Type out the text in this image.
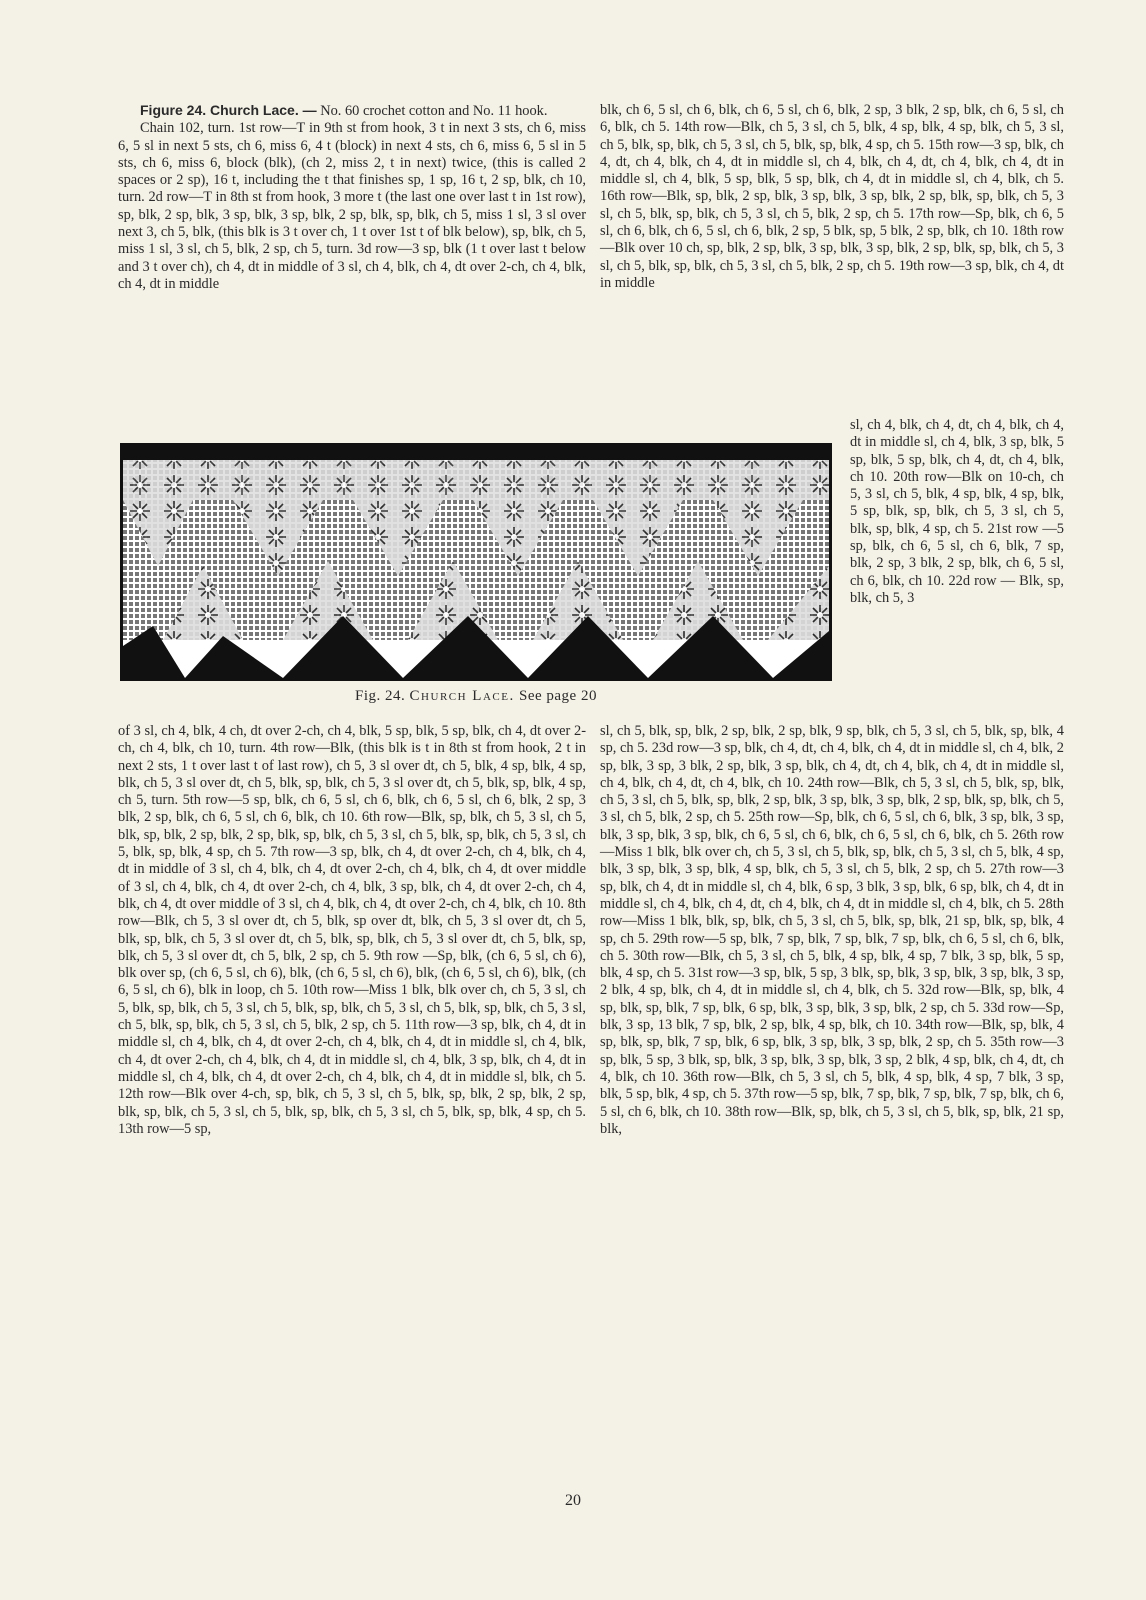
Figure 24. Church Lace. — No. 60 crochet cotton and No. 11 hook.
Chain 102, turn. 1st row—T in 9th st from hook, 3 t in next 3 sts, ch 6, miss 6, 5 sl in next 5 sts, ch 6, miss 6, 4 t (block) in next 4 sts, ch 6, miss 6, 5 sl in 5 sts, ch 6, miss 6, block (blk), (ch 2, miss 2, t in next) twice, (this is called 2 spaces or 2 sp), 16 t, including the t that finishes sp, 1 sp, 16 t, 2 sp, blk, ch 10, turn. 2d row—T in 8th st from hook, 3 more t (the last one over last t in 1st row), sp, blk, 2 sp, blk, 3 sp, blk, 3 sp, blk, 2 sp, blk, sp, blk, ch 5, miss 1 sl, 3 sl over next 3, ch 5, blk, (this blk is 3 t over ch, 1 t over 1st t of blk below), sp, blk, ch 5, miss 1 sl, 3 sl, ch 5, blk, 2 sp, ch 5, turn. 3d row—3 sp, blk (1 t over last t below and 3 t over ch), ch 4, dt in middle of 3 sl, ch 4, blk, ch 4, dt over 2-ch, ch 4, blk, ch 4, dt in middle

blk, ch 6, 5 sl, ch 6, blk, ch 6, 5 sl, ch 6, blk, 2 sp, 3 blk, 2 sp, blk, ch 6, 5 sl, ch 6, blk, ch 5. 14th row—Blk, ch 5, 3 sl, ch 5, blk, 4 sp, blk, 4 sp, blk, ch 5, 3 sl, ch 5, blk, sp, blk, ch 5, 3 sl, ch 5, blk, sp, blk, 4 sp, ch 5. 15th row—3 sp, blk, ch 4, dt, ch 4, blk, ch 4, dt in middle sl, ch 4, blk, ch 4, dt, ch 4, blk, ch 4, dt in middle sl, ch 4, blk, 5 sp, blk, 5 sp, blk, ch 4, dt in middle sl, ch 4, blk, ch 5. 16th row—Blk, sp, blk, 2 sp, blk, 3 sp, blk, 3 sp, blk, 2 sp, blk, sp, blk, ch 5, 3 sl, ch 5, blk, sp, blk, ch 5, 3 sl, ch 5, blk, 2 sp, ch 5. 17th row—Sp, blk, ch 6, 5 sl, ch 6, blk, ch 6, 5 sl, ch 6, blk, 2 sp, 5 blk, sp, 5 blk, 2 sp, blk, ch 10. 18th row—Blk over 10 ch, sp, blk, 2 sp, blk, 3 sp, blk, 3 sp, blk, 2 sp, blk, sp, blk, ch 5, 3 sl, ch 5, blk, sp, blk, ch 5, 3 sl, ch 5, blk, 2 sp, ch 5. 19th row—3 sp, blk, ch 4, dt in middle

sl, ch 4, blk, ch 4, dt, ch 4, blk, ch 4, dt in middle sl, ch 4, blk, 3 sp, blk, 5 sp, blk, 5 sp, blk, ch 4, dt, ch 4, blk, ch 10. 20th row—Blk on 10-ch, ch 5, 3 sl, ch 5, blk, 4 sp, blk, 4 sp, blk, 5 sp, blk, sp, blk, ch 5, 3 sl, ch 5, blk, sp, blk, 4 sp, ch 5. 21st row —5 sp, blk, ch 6, 5 sl, ch 6, blk, 7 sp, blk, 2 sp, 3 blk, 2 sp, blk, ch 6, 5 sl, ch 6, blk, ch 10. 22d row — Blk, sp, blk, ch 5, 3

Fig. 24. Church Lace. See page 20

of 3 sl, ch 4, blk, 4 ch, dt over 2-ch, ch 4, blk, 5 sp, blk, 5 sp, blk, ch 4, dt over 2-ch, ch 4, blk, ch 10, turn. 4th row—Blk, (this blk is t in 8th st from hook, 2 t in next 2 sts, 1 t over last t of last row), ch 5, 3 sl over dt, ch 5, blk, 4 sp, blk, 4 sp, blk, ch 5, 3 sl over dt, ch 5, blk, sp, blk, ch 5, 3 sl over dt, ch 5, blk, sp, blk, 4 sp, ch 5, turn. 5th row—5 sp, blk, ch 6, 5 sl, ch 6, blk, ch 6, 5 sl, ch 6, blk, 2 sp, 3 blk, 2 sp, blk, ch 6, 5 sl, ch 6, blk, ch 10. 6th row—Blk, sp, blk, ch 5, 3 sl, ch 5, blk, sp, blk, 2 sp, blk, 2 sp, blk, sp, blk, ch 5, 3 sl, ch 5, blk, sp, blk, ch 5, 3 sl, ch 5, blk, sp, blk, 4 sp, ch 5. 7th row—3 sp, blk, ch 4, dt over 2-ch, ch 4, blk, ch 4, dt in middle of 3 sl, ch 4, blk, ch 4, dt over 2-ch, ch 4, blk, ch 4, dt over middle of 3 sl, ch 4, blk, ch 4, dt over 2-ch, ch 4, blk, 3 sp, blk, ch 4, dt over 2-ch, ch 4, blk, ch 4, dt over middle of 3 sl, ch 4, blk, ch 4, dt over 2-ch, ch 4, blk, ch 10. 8th row—Blk, ch 5, 3 sl over dt, ch 5, blk, sp over dt, blk, ch 5, 3 sl over dt, ch 5, blk, sp, blk, ch 5, 3 sl over dt, ch 5, blk, sp, blk, ch 5, 3 sl over dt, ch 5, blk, sp, blk, ch 5, 3 sl over dt, ch 5, blk, 2 sp, ch 5. 9th row —Sp, blk, (ch 6, 5 sl, ch 6), blk over sp, (ch 6, 5 sl, ch 6), blk, (ch 6, 5 sl, ch 6), blk, (ch 6, 5 sl, ch 6), blk, (ch 6, 5 sl, ch 6), blk in loop, ch 5. 10th row—Miss 1 blk, blk over ch, ch 5, 3 sl, ch 5, blk, sp, blk, ch 5, 3 sl, ch 5, blk, sp, blk, ch 5, 3 sl, ch 5, blk, sp, blk, ch 5, 3 sl, ch 5, blk, sp, blk, ch 5, 3 sl, ch 5, blk, 2 sp, ch 5. 11th row—3 sp, blk, ch 4, dt in middle sl, ch 4, blk, ch 4, dt over 2-ch, ch 4, blk, ch 4, dt in middle sl, ch 4, blk, ch 4, dt over 2-ch, ch 4, blk, ch 4, dt in middle sl, ch 4, blk, 3 sp, blk, ch 4, dt in middle sl, ch 4, blk, ch 4, dt over 2-ch, ch 4, blk, ch 4, dt in middle sl, blk, ch 5. 12th row—Blk over 4-ch, sp, blk, ch 5, 3 sl, ch 5, blk, sp, blk, 2 sp, blk, 2 sp, blk, sp, blk, ch 5, 3 sl, ch 5, blk, sp, blk, ch 5, 3 sl, ch 5, blk, sp, blk, 4 sp, ch 5. 13th row—5 sp,

sl, ch 5, blk, sp, blk, 2 sp, blk, 2 sp, blk, 9 sp, blk, ch 5, 3 sl, ch 5, blk, sp, blk, 4 sp, ch 5. 23d row—3 sp, blk, ch 4, dt, ch 4, blk, ch 4, dt in middle sl, ch 4, blk, 2 sp, blk, 3 sp, 3 blk, 2 sp, blk, 3 sp, blk, ch 4, dt, ch 4, blk, ch 4, dt in middle sl, ch 4, blk, ch 4, dt, ch 4, blk, ch 10. 24th row—Blk, ch 5, 3 sl, ch 5, blk, sp, blk, ch 5, 3 sl, ch 5, blk, sp, blk, 2 sp, blk, 3 sp, blk, 3 sp, blk, 2 sp, blk, sp, blk, ch 5, 3 sl, ch 5, blk, 2 sp, ch 5. 25th row—Sp, blk, ch 6, 5 sl, ch 6, blk, 3 sp, blk, 3 sp, blk, 3 sp, blk, 3 sp, blk, ch 6, 5 sl, ch 6, blk, ch 6, 5 sl, ch 6, blk, ch 5. 26th row —Miss 1 blk, blk over ch, ch 5, 3 sl, ch 5, blk, sp, blk, ch 5, 3 sl, ch 5, blk, 4 sp, blk, 3 sp, blk, 3 sp, blk, 4 sp, blk, ch 5, 3 sl, ch 5, blk, 2 sp, ch 5. 27th row—3 sp, blk, ch 4, dt in middle sl, ch 4, blk, 6 sp, 3 blk, 3 sp, blk, 6 sp, blk, ch 4, dt in middle sl, ch 4, blk, ch 4, dt, ch 4, blk, ch 4, dt in middle sl, ch 4, blk, ch 5. 28th row—Miss 1 blk, blk, sp, blk, ch 5, 3 sl, ch 5, blk, sp, blk, 21 sp, blk, sp, blk, 4 sp, ch 5. 29th row—5 sp, blk, 7 sp, blk, 7 sp, blk, 7 sp, blk, ch 6, 5 sl, ch 6, blk, ch 5. 30th row—Blk, ch 5, 3 sl, ch 5, blk, 4 sp, blk, 4 sp, 7 blk, 3 sp, blk, 5 sp, blk, 4 sp, ch 5. 31st row—3 sp, blk, 5 sp, 3 blk, sp, blk, 3 sp, blk, 3 sp, blk, 3 sp, 2 blk, 4 sp, blk, ch 4, dt in middle sl, ch 4, blk, ch 5. 32d row—Blk, sp, blk, 4 sp, blk, sp, blk, 7 sp, blk, 6 sp, blk, 3 sp, blk, 3 sp, blk, 2 sp, ch 5. 33d row—Sp, blk, 3 sp, 13 blk, 7 sp, blk, 2 sp, blk, 4 sp, blk, ch 10. 34th row—Blk, sp, blk, 4 sp, blk, sp, blk, 7 sp, blk, 6 sp, blk, 3 sp, blk, 3 sp, blk, 2 sp, ch 5. 35th row—3 sp, blk, 5 sp, 3 blk, sp, blk, 3 sp, blk, 3 sp, blk, 3 sp, 2 blk, 4 sp, blk, ch 4, dt, ch 4, blk, ch 10. 36th row—Blk, ch 5, 3 sl, ch 5, blk, 4 sp, blk, 4 sp, 7 blk, 3 sp, blk, 5 sp, blk, 4 sp, ch 5. 37th row—5 sp, blk, 7 sp, blk, 7 sp, blk, 7 sp, blk, ch 6, 5 sl, ch 6, blk, ch 10. 38th row—Blk, sp, blk, ch 5, 3 sl, ch 5, blk, sp, blk, 21 sp, blk,

20
